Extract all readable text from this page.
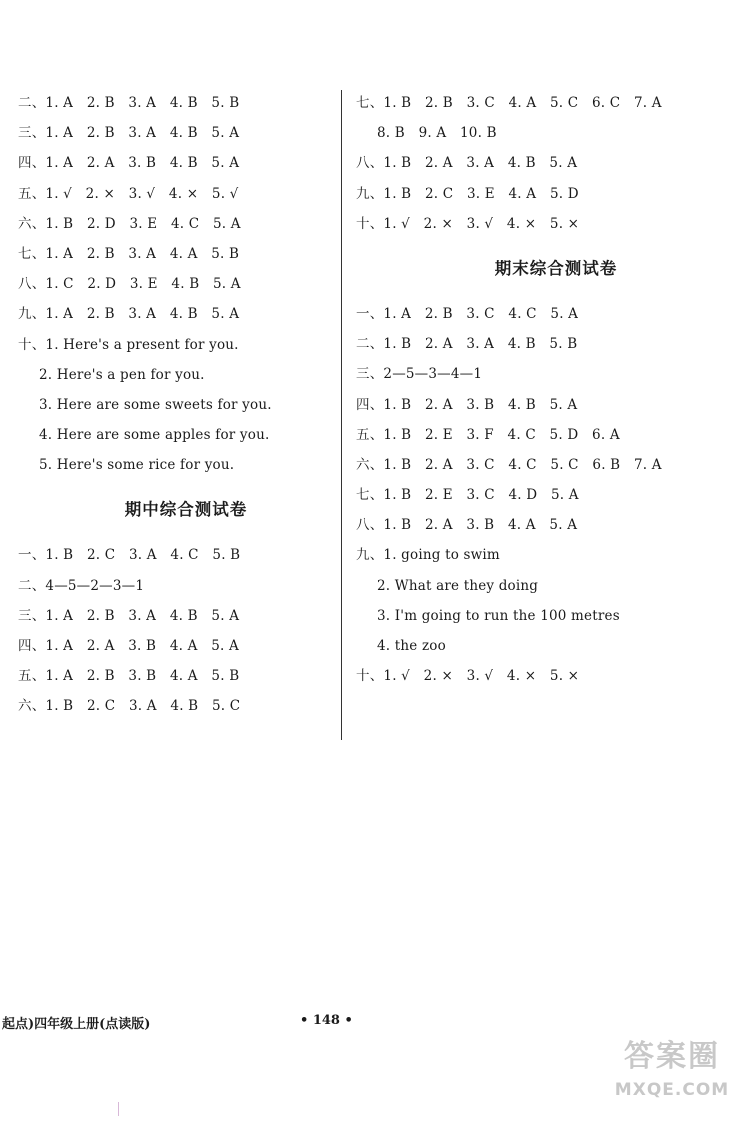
二、1. A　2. B　3. A　4. B　5. B
三、1. A　2. B　3. A　4. B　5. A
四、1. A　2. A　3. B　4. B　5. A
五、1. √　2. ×　3. √　4. ×　5. √
六、1. B　2. D　3. E　4. C　5. A
七、1. A　2. B　3. A　4. A　5. B
八、1. C　2. D　3. E　4. B　5. A
九、1. A　2. B　3. A　4. B　5. A
十、1. Here's a present for you.
2. Here's a pen for you.
3. Here are some sweets for you.
4. Here are some apples for you.
5. Here's some rice for you.
期中综合测试卷
一、1. B　2. C　3. A　4. C　5. B
二、4—5—2—3—1
三、1. A　2. B　3. A　4. B　5. A
四、1. A　2. A　3. B　4. A　5. A
五、1. A　2. B　3. B　4. A　5. B
六、1. B　2. C　3. A　4. B　5. C
七、1. B　2. B　3. C　4. A　5. C　6. C　7. A
8. B　9. A　10. B
八、1. B　2. A　3. A　4. B　5. A
九、1. B　2. C　3. E　4. A　5. D
十、1. √　2. ×　3. √　4. ×　5. ×
期末综合测试卷
一、1. A　2. B　3. C　4. C　5. A
二、1. B　2. A　3. A　4. B　5. B
三、2—5—3—4—1
四、1. B　2. A　3. B　4. B　5. A
五、1. B　2. E　3. F　4. C　5. D　6. A
六、1. B　2. A　3. C　4. C　5. C　6. B　7. A
七、1. B　2. E　3. C　4. D　5. A
八、1. B　2. A　3. B　4. A　5. A
九、1. going to swim
2. What are they doing
3. I'm going to run the 100 metres
4. the zoo
十、1. √　2. ×　3. √　4. ×　5. ×
起点)四年级上册(点读版)	• 148 •
答案圈
MXQE.COM
